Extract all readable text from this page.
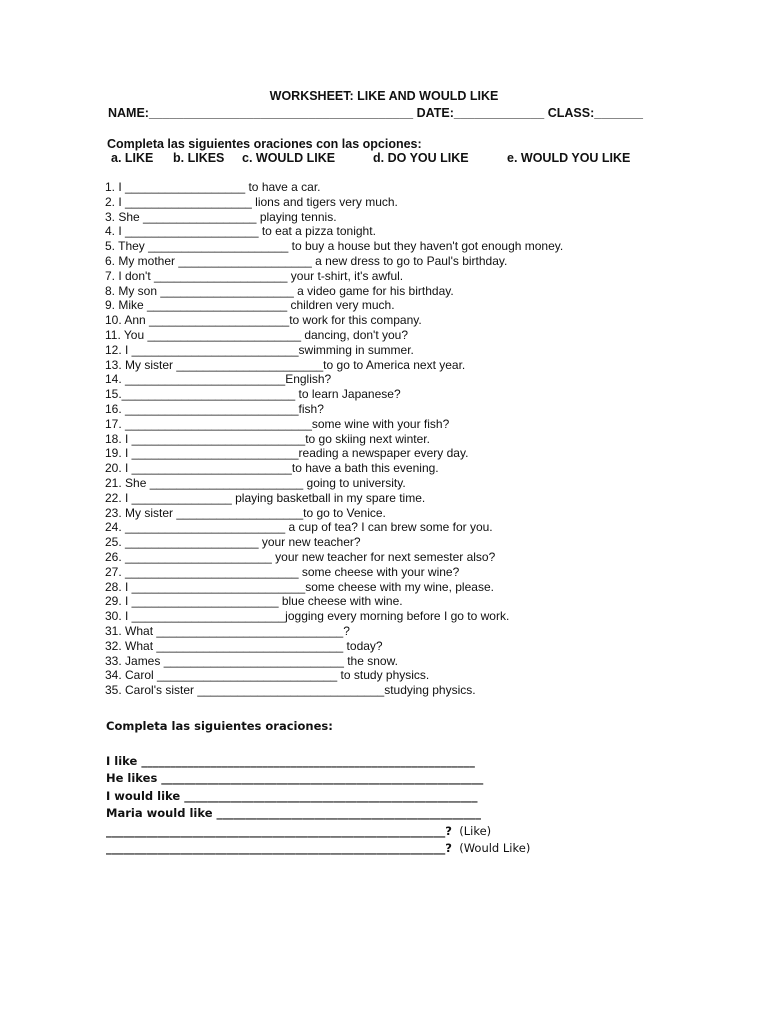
WORKSHEET: LIKE AND WOULD LIKE
NAME:______________________________________ DATE:_____________ CLASS:_______
Completa las siguientes oraciones con las opciones:
a. LIKE b. LIKES c. WOULD LIKE	d. DO YOU LIKE	e. WOULD YOU LIKE
1. I __________________ to have a car.
2. I ___________________ lions and tigers very much.
3. She _________________ playing tennis.
4. I ____________________ to eat a pizza tonight.
5. They _____________________ to buy a house but they haven't got enough money.
6. My mother ____________________ a new dress to go to Paul's birthday.
7. I don't ____________________ your t-shirt, it's awful.
8. My son ____________________ a video game for his birthday.
9. Mike _____________________ children very much.
10. Ann _____________________to work for this company.
11. You _______________________ dancing, don't you?
12. I _________________________swimming in summer.
13. My sister ______________________to go to America next year.
14. ________________________English?
15.__________________________ to learn Japanese?
16. __________________________fish?
17. ____________________________some wine with your fish?
18. I __________________________to go skiing next winter.
19. I _________________________reading a newspaper every day.
20. I ________________________to have a bath this evening.
21. She _______________________ going to university.
22. I _______________ playing basketball in my spare time.
23. My sister ___________________to go to Venice.
24. ________________________ a cup of tea? I can brew some for you.
25. ____________________ your new teacher?
26. ______________________ your new teacher for next semester also?
27. __________________________ some cheese with your wine?
28. I __________________________some cheese with my wine, please.
29. I ______________________ blue cheese with wine.
30. I _______________________jogging every morning before I go to work.
31. What ____________________________?
32. What ____________________________ today?
33. James ___________________________ the snow.
34. Carol ___________________________ to study physics.
35. Carol's sister ____________________________studying physics.
Completa las siguientes oraciones:
I like __________________________________________________________
He likes ________________________________________________________
I would like ___________________________________________________
Maria would like ______________________________________________
___________________________________________________________?  (Like)
___________________________________________________________?  (Would Like)
